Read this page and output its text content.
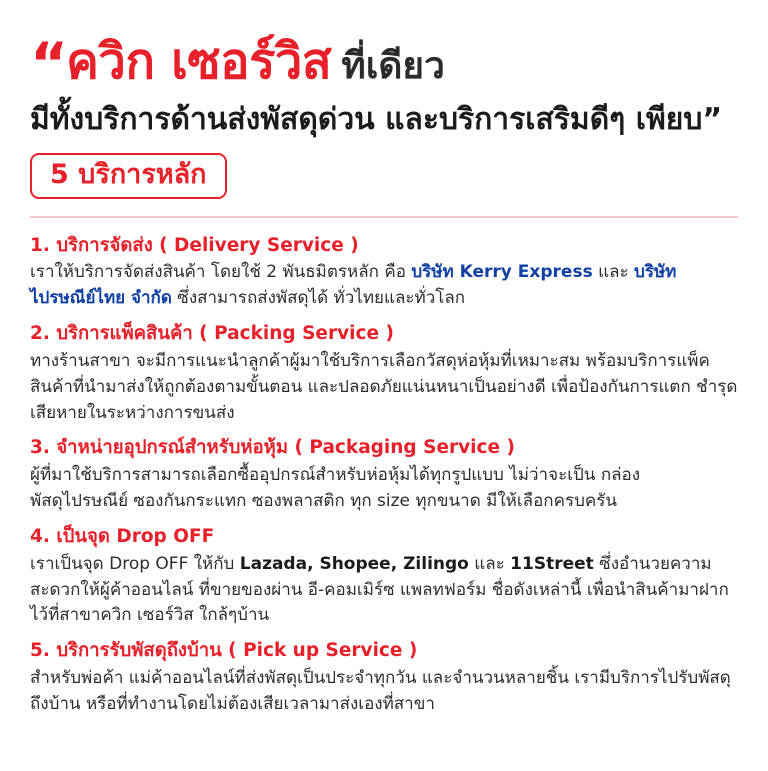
“ควิก เซอร์วิส ที่เดียว
มีทั้งบริการด้านส่งพัสดุด่วน และบริการเสริมดีๆ เพียบ”
5 บริการหลัก

1. บริการจัดส่ง ( Delivery Service )

เราให้บริการจัดส่งสินค้า โดยใช้ 2 พันธมิตรหลัก คือ บริษัท Kerry Express และ บริษัทไปรษณีย์ไทย จำกัด ซึ่งสามารถส่งพัสดุได้ ทั่วไทยและทั่วโลก

2. บริการแพ็คสินค้า ( Packing Service )

ทางร้านสาขา จะมีการแนะนำลูกค้าผู้มาใช้บริการเลือกวัสดุห่อหุ้มที่เหมาะสม พร้อมบริการแพ็คสินค้าที่นำมาส่งให้ถูกต้องตามขั้นตอน และปลอดภัยแน่นหนาเป็นอย่างดี เพื่อป้องกันการแตก ชำรุด เสียหายในระหว่างการขนส่ง

3. จำหน่ายอุปกรณ์สำหรับห่อหุ้ม ( Packaging Service )

ผู้ที่มาใช้บริการสามารถเลือกซื้ออุปกรณ์สำหรับห่อหุ้มได้ทุกรูปแบบ ไม่ว่าจะเป็น กล่องพัสดุไปรษณีย์ ซองกันกระแทก ซองพลาสติก ทุก size ทุกขนาด มีให้เลือกครบครัน

4. เป็นจุด Drop OFF

เราเป็นจุด Drop OFF ให้กับ Lazada, Shopee, Zilingo และ 11Street ซึ่งอำนวยความสะดวกให้ผู้ค้าออนไลน์ ที่ขายของผ่าน อี-คอมเมิร์ซ แพลทฟอร์ม ชื่อดังเหล่านี้ เพื่อนำสินค้ามาฝากไว้ที่สาขาควิก เซอร์วิส ใกล้ๆบ้าน

5. บริการรับพัสดุถึงบ้าน ( Pick up Service )

สำหรับพ่อค้า แม่ค้าออนไลน์ที่ส่งพัสดุเป็นประจำทุกวัน และจำนวนหลายชิ้น เรามีบริการไปรับพัสดุถึงบ้าน หรือที่ทำงานโดยไม่ต้องเสียเวลามาส่งเองที่สาขา
